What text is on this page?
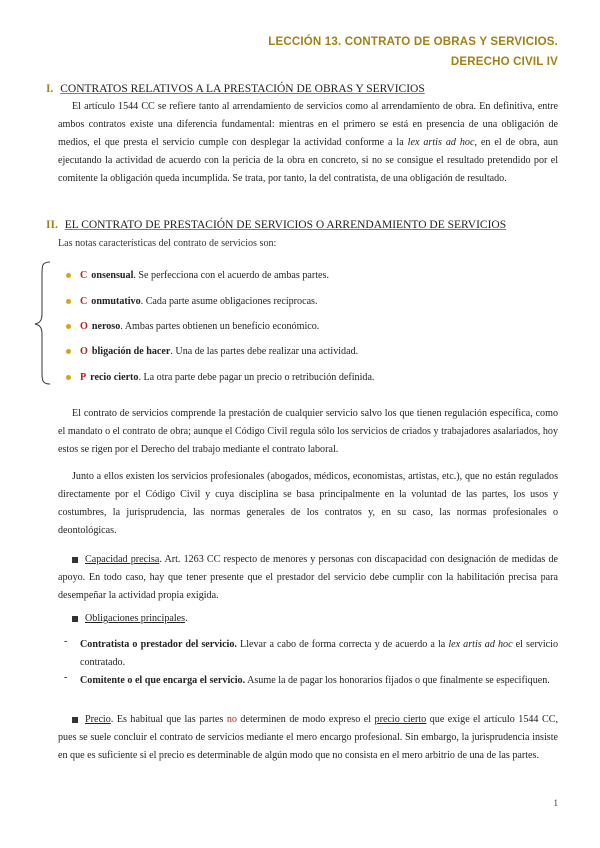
LECCIÓN 13. CONTRATO DE OBRAS Y SERVICIOS.
DERECHO CIVIL IV
I. CONTRATOS RELATIVOS A LA PRESTACIÓN DE OBRAS Y SERVICIOS
El artículo 1544 CC se refiere tanto al arrendamiento de servicios como al arrendamiento de obra. En definitiva, entre ambos contratos existe una diferencia fundamental: mientras en el primero se está en presencia de una obligación de medios, el que presta el servicio cumple con desplegar la actividad conforme a la lex artis ad hoc, en el de obra, aun ejecutando la actividad de acuerdo con la pericia de la obra en concreto, si no se consigue el resultado pretendido por el comitente la obligación queda incumplida. Se trata, por tanto, la del contratista, de una obligación de resultado.
II. EL CONTRATO DE PRESTACIÓN DE SERVICIOS O ARRENDAMIENTO DE SERVICIOS
Las notas características del contrato de servicios son:
C onsensual. Se perfecciona con el acuerdo de ambas partes.
C onmutativo. Cada parte asume obligaciones recíprocas.
O neroso. Ambas partes obtienen un beneficio económico.
O bligación de hacer. Una de las partes debe realizar una actividad.
P recio cierto. La otra parte debe pagar un precio o retribución definida.
El contrato de servicios comprende la prestación de cualquier servicio salvo los que tienen regulación específica, como el mandato o el contrato de obra; aunque el Código Civil regula sólo los servicios de criados y trabajadores asalariados, hoy estos se rigen por el Derecho del trabajo mediante el contrato laboral.
Junto a ellos existen los servicios profesionales (abogados, médicos, economistas, artistas, etc.), que no están regulados directamente por el Código Civil y cuya disciplina se basa principalmente en la voluntad de las partes, los usos y costumbres, la jurisprudencia, las normas generales de los contratos y, en su caso, las normas profesionales o deontológicas.
Capacidad precisa. Art. 1263 CC respecto de menores y personas con discapacidad con designación de medidas de apoyo. En todo caso, hay que tener presente que el prestador del servicio debe cumplir con la habilitación precisa para desempeñar la actividad propia exigida.
Obligaciones principales.
- Contratista o prestador del servicio. Llevar a cabo de forma correcta y de acuerdo a la lex artis ad hoc el servicio contratado.
- Comitente o el que encarga el servicio. Asume la de pagar los honorarios fijados o que finalmente se especifiquen.
Precio. Es habitual que las partes no determinen de modo expreso el precio cierto que exige el artículo 1544 CC, pues se suele concluir el contrato de servicios mediante el mero encargo profesional. Sin embargo, la jurisprudencia insiste en que es suficiente si el precio es determinable de algún modo que no consista en el mero arbitrio de una de las partes.
1
